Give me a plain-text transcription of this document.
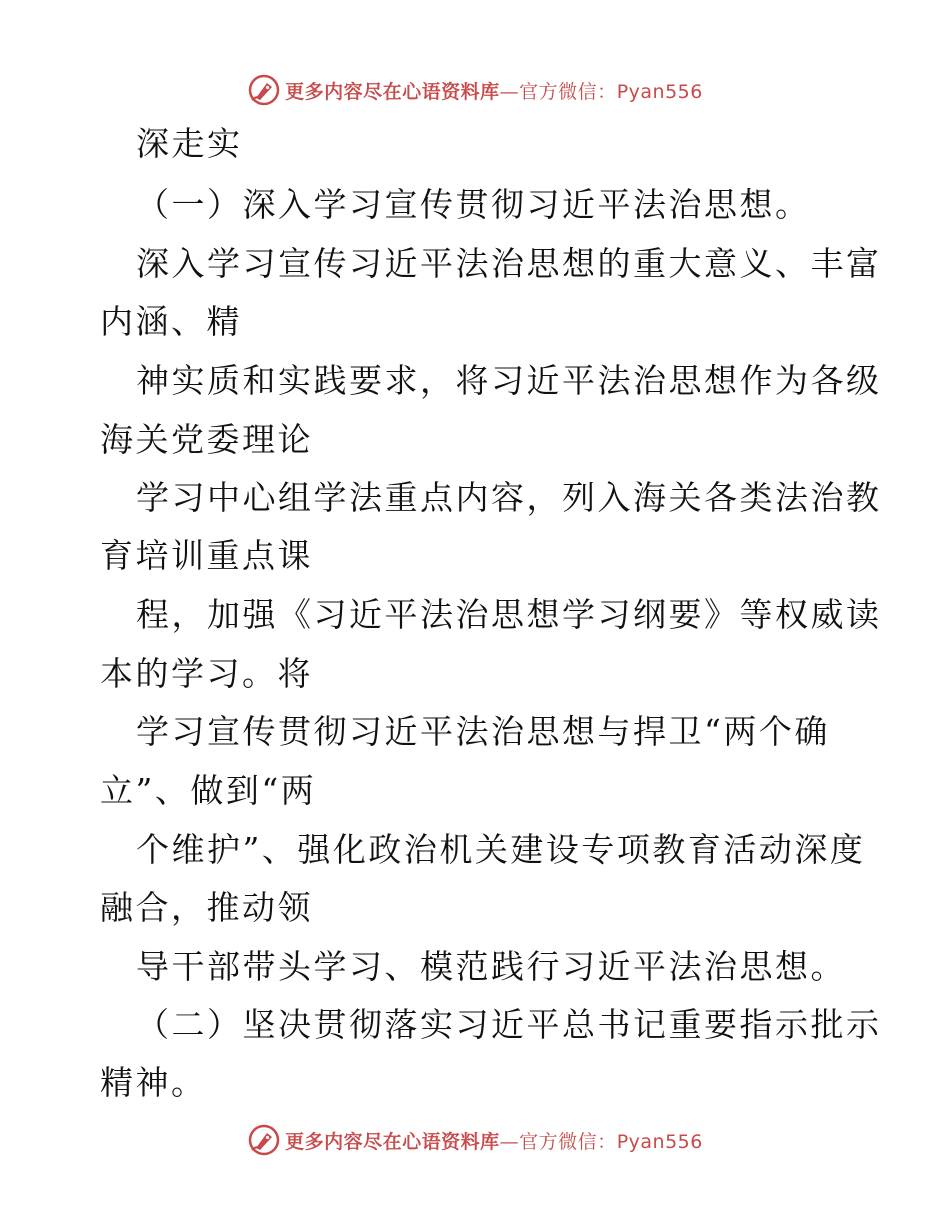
更多内容尽在心语资料库—官方微信：Pyan556
深走实
（一）深入学习宣传贯彻习近平法治思想。
深入学习宣传习近平法治思想的重大意义、丰富
内涵、精
神实质和实践要求，将习近平法治思想作为各级
海关党委理论
学习中心组学法重点内容，列入海关各类法治教
育培训重点课
程，加强《习近平法治思想学习纲要》等权威读
本的学习。将
学习宣传贯彻习近平法治思想与捍卫“两个确
立”、做到“两
个维护”、强化政治机关建设专项教育活动深度
融合，推动领
导干部带头学习、模范践行习近平法治思想。
（二）坚决贯彻落实习近平总书记重要指示批示
精神。
更多内容尽在心语资料库—官方微信：Pyan556
